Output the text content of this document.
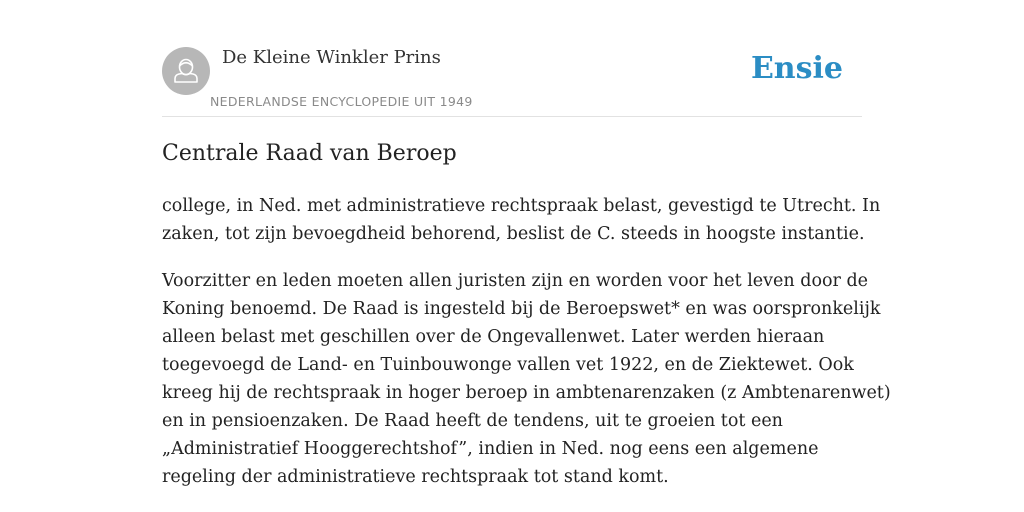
De Kleine Winkler Prins
NEDERLANDSE ENCYCLOPEDIE UIT 1949
Ensie
Centrale Raad van Beroep

college, in Ned. met administratieve rechtspraak belast, gevestigd te Utrecht. In
zaken, tot zijn bevoegdheid behorend, beslist de C. steeds in hoogste instantie.

Voorzitter en leden moeten allen juristen zijn en worden voor het leven door de
Koning benoemd. De Raad is ingesteld bij de Beroepswet* en was oorspronkelijk
alleen belast met geschillen over de Ongevallenwet. Later werden hieraan
toegevoegd de Land- en Tuinbouwonge vallen vet 1922, en de Ziektewet. Ook
kreeg hij de rechtspraak in hoger beroep in ambtenarenzaken (z Ambtenarenwet)
en in pensioenzaken. De Raad heeft de tendens, uit te groeien tot een
„Administratief Hooggerechtshof”, indien in Ned. nog eens een algemene
regeling der administratieve rechtspraak tot stand komt.
